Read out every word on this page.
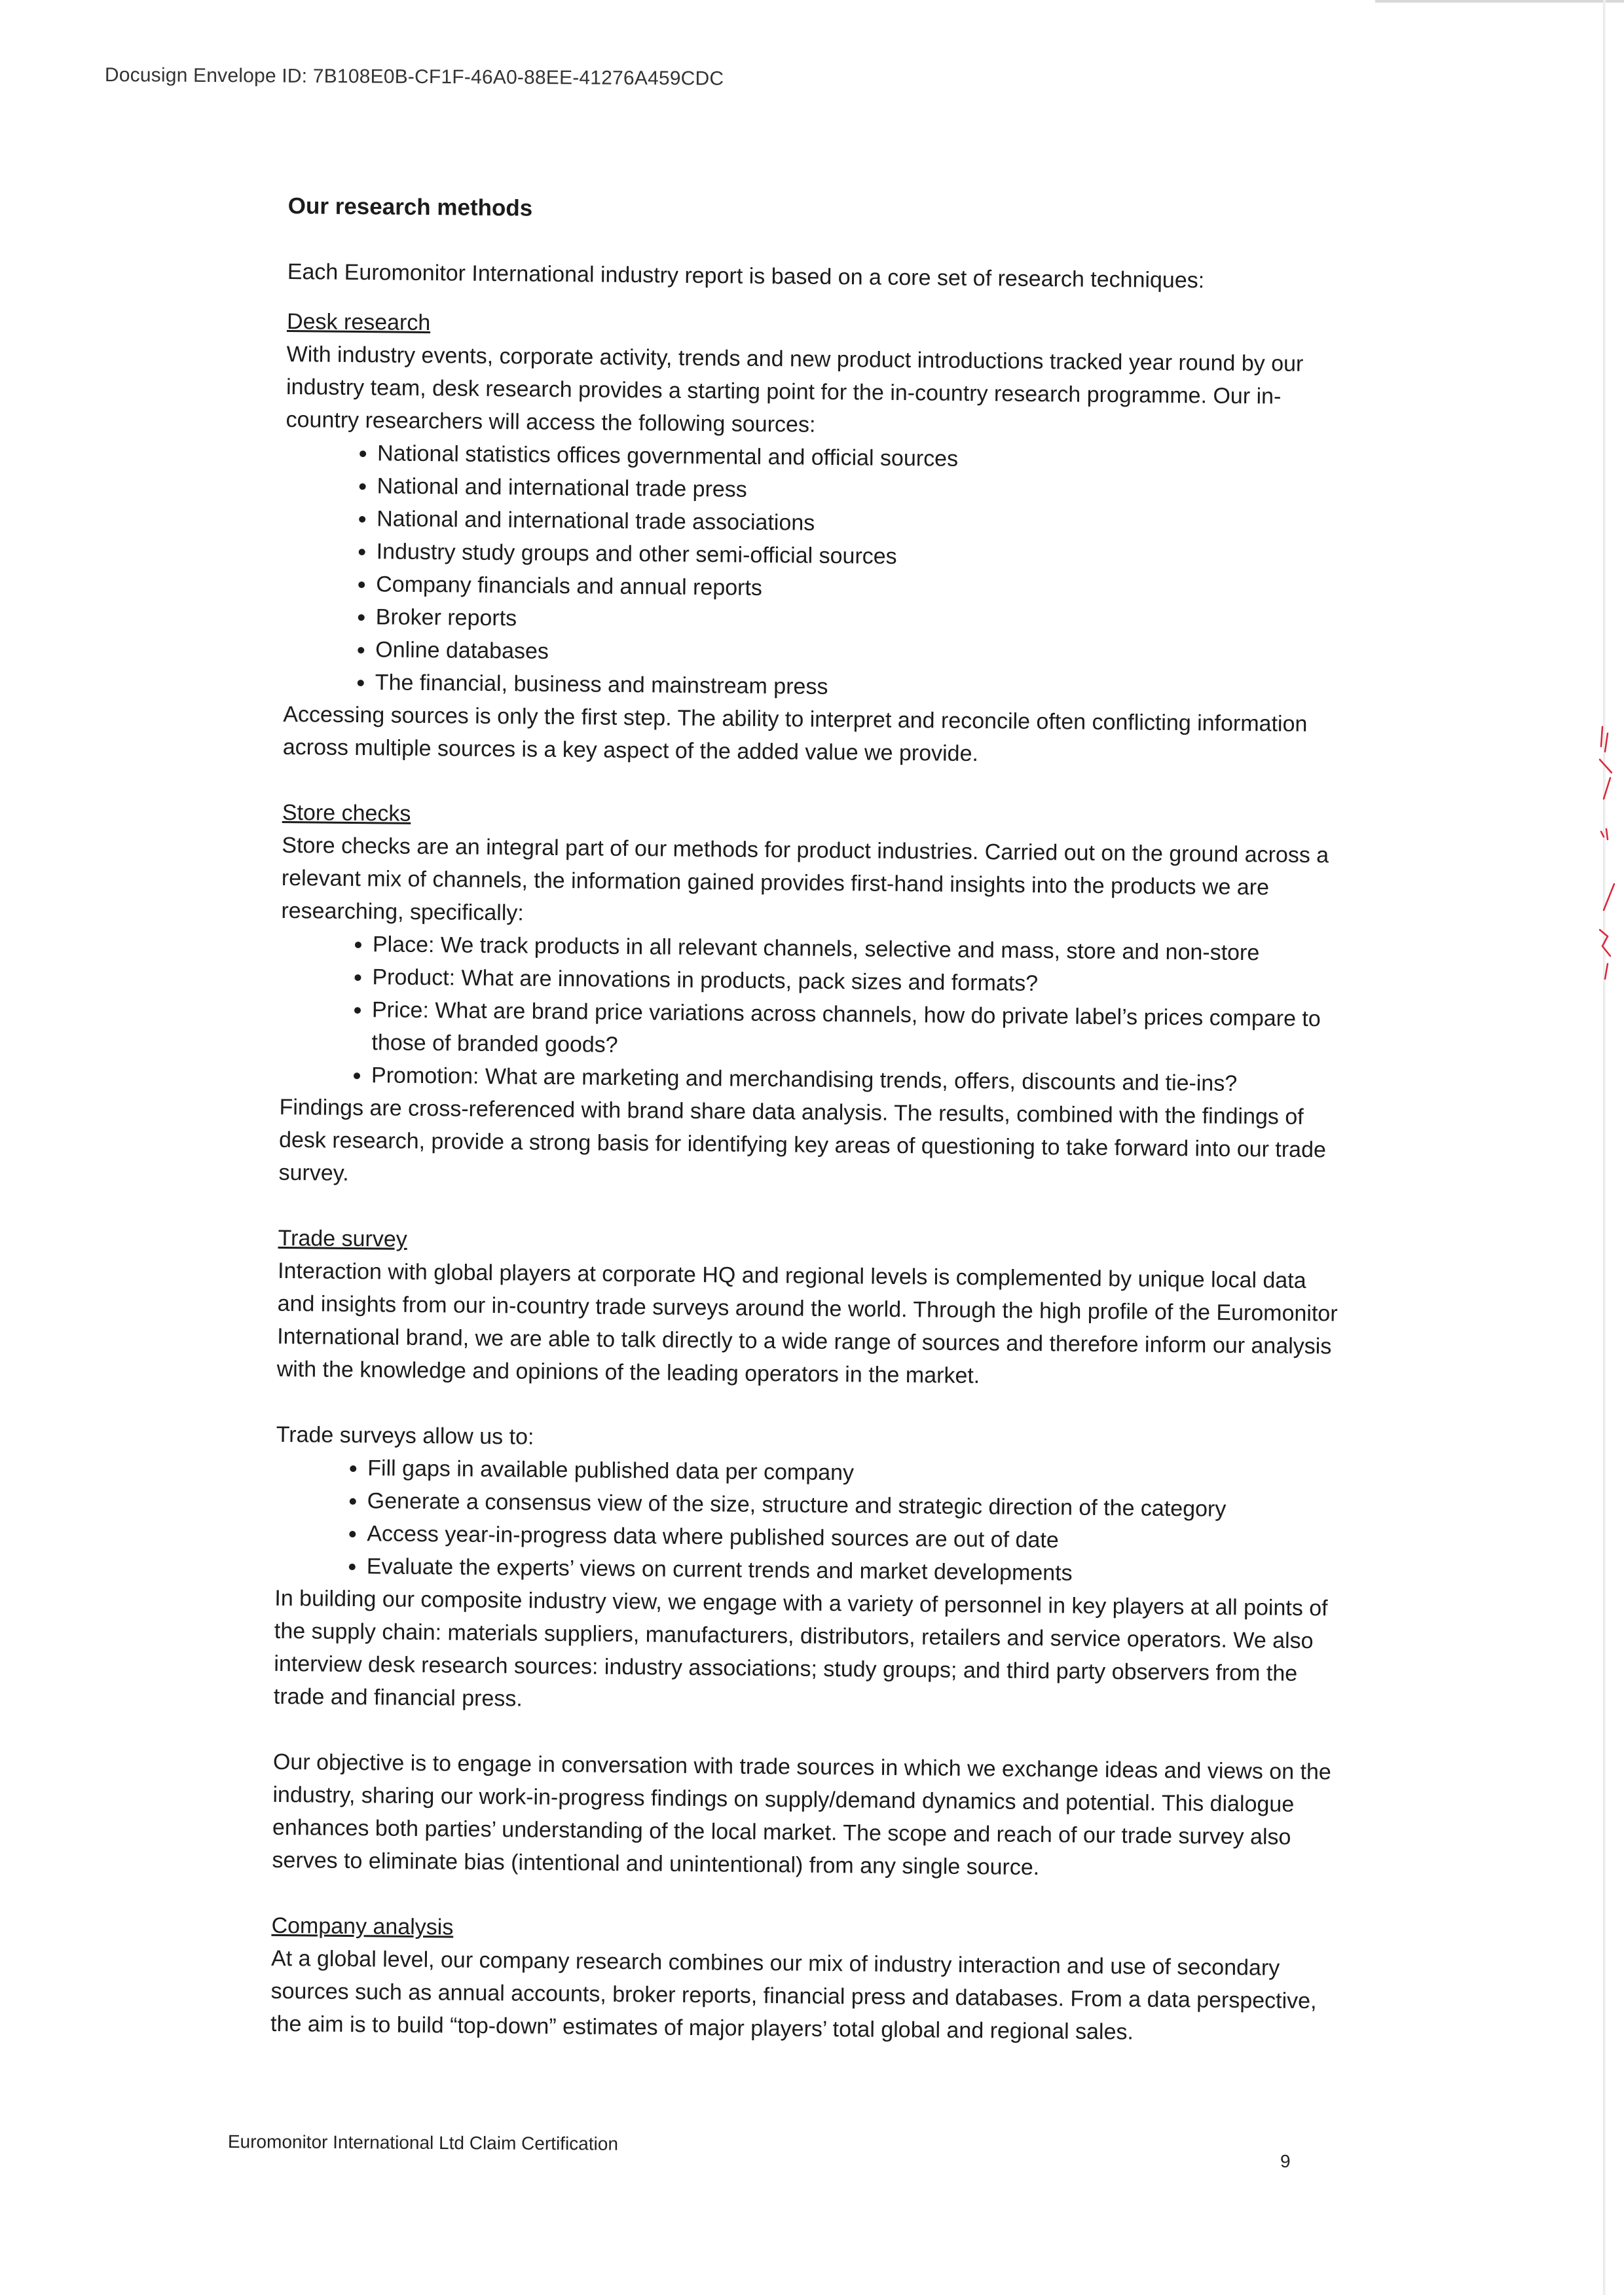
Docusign Envelope ID: 7B108E0B-CF1F-46A0-88EE-41276A459CDC

Our research methods

Each Euromonitor International industry report is based on a core set of research techniques:

Desk research

With industry events, corporate activity, trends and new product introductions tracked year round by our industry team, desk research provides a starting point for the in-country research programme. Our in-country researchers will access the following sources:

• National statistics offices governmental and official sources
• National and international trade press
• National and international trade associations
• Industry study groups and other semi-official sources
• Company financials and annual reports
• Broker reports
• Online databases
• The financial, business and mainstream press

Accessing sources is only the first step. The ability to interpret and reconcile often conflicting information across multiple sources is a key aspect of the added value we provide.

Store checks

Store checks are an integral part of our methods for product industries. Carried out on the ground across a relevant mix of channels, the information gained provides first-hand insights into the products we are researching, specifically:

• Place: We track products in all relevant channels, selective and mass, store and non-store
• Product: What are innovations in products, pack sizes and formats?
• Price: What are brand price variations across channels, how do private label’s prices compare to those of branded goods?
• Promotion: What are marketing and merchandising trends, offers, discounts and tie-ins?

Findings are cross-referenced with brand share data analysis. The results, combined with the findings of desk research, provide a strong basis for identifying key areas of questioning to take forward into our trade survey.

Trade survey

Interaction with global players at corporate HQ and regional levels is complemented by unique local data and insights from our in-country trade surveys around the world. Through the high profile of the Euromonitor International brand, we are able to talk directly to a wide range of sources and therefore inform our analysis with the knowledge and opinions of the leading operators in the market.

Trade surveys allow us to:

• Fill gaps in available published data per company
• Generate a consensus view of the size, structure and strategic direction of the category
• Access year-in-progress data where published sources are out of date
• Evaluate the experts’ views on current trends and market developments

In building our composite industry view, we engage with a variety of personnel in key players at all points of the supply chain: materials suppliers, manufacturers, distributors, retailers and service operators. We also interview desk research sources: industry associations; study groups; and third party observers from the trade and financial press.

Our objective is to engage in conversation with trade sources in which we exchange ideas and views on the industry, sharing our work-in-progress findings on supply/demand dynamics and potential. This dialogue enhances both parties’ understanding of the local market. The scope and reach of our trade survey also serves to eliminate bias (intentional and unintentional) from any single source.

Company analysis

At a global level, our company research combines our mix of industry interaction and use of secondary sources such as annual accounts, broker reports, financial press and databases. From a data perspective, the aim is to build “top-down” estimates of major players’ total global and regional sales.

Euromonitor International Ltd Claim Certification
9
